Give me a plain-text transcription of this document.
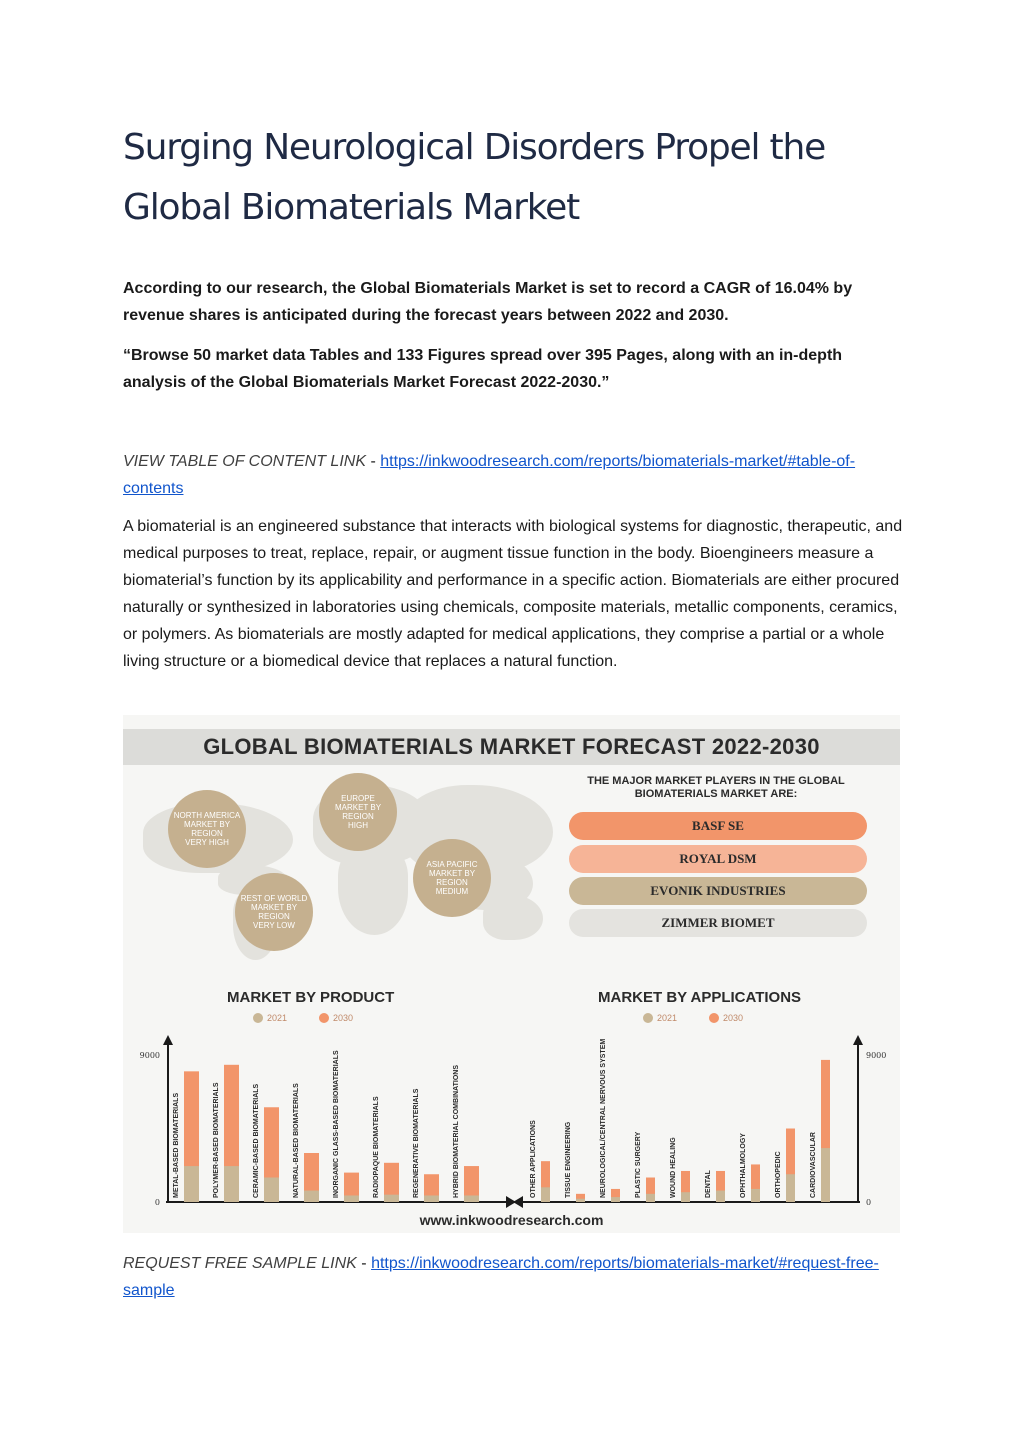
Surging Neurological Disorders Propel the Global Biomaterials Market

According to our research, the Global Biomaterials Market is set to record a CAGR of 16.04% by revenue shares is anticipated during the forecast years between 2022 and 2030.

“Browse 50 market data Tables and 133 Figures spread over 395 Pages, along with an in-depth analysis of the Global Biomaterials Market Forecast 2022-2030.”

VIEW TABLE OF CONTENT LINK - https://inkwoodresearch.com/reports/biomaterials-market/#table-of-contents

A biomaterial is an engineered substance that interacts with biological systems for diagnostic, therapeutic, and medical purposes to treat, replace, repair, or augment tissue function in the body. Bioengineers measure a biomaterial’s function by its applicability and performance in a specific action. Biomaterials are either procured naturally or synthesized in laboratories using chemicals, composite materials, metallic components, ceramics, or polymers. As biomaterials are mostly adapted for medical applications, they comprise a partial or a whole living structure or a biomedical device that replaces a natural function.

GLOBAL BIOMATERIALS MARKET FORECAST 2022-2030
NORTH AMERICA
MARKET BY REGION
VERY HIGH
EUROPE
MARKET BY REGION
HIGH
ASIA PACIFIC
MARKET BY REGION
MEDIUM
REST OF WORLD
MARKET BY REGION
VERY LOW
THE MAJOR MARKET PLAYERS IN THE GLOBAL BIOMATERIALS MARKET ARE:
BASF SE
ROYAL DSM
EVONIK INDUSTRIES
ZIMMER BIOMET
MARKET BY PRODUCT
2021	2030
MARKET BY APPLICATIONS
2021	2030
0
9000
METAL-BASED BIOMATERIALS	POLYMER-BASED BIOMATERIALS	CERAMIC-BASED BIOMATERIALS	NATURAL-BASED BIOMATERIALS	INORGANIC GLASS-BASED BIOMATERIALS	RADIOPAQUE BIOMATERIALS	REGENERATIVE BIOMATERIALS	HYBRID BIOMATERIAL COMBINATIONS
0
9000
OTHER APPLICATIONS	TISSUE ENGINEERING	NEUROLOGICAL/CENTRAL NERVOUS SYSTEM	PLASTIC SURGERY	WOUND HEALING	DENTAL	OPHTHALMOLOGY	ORTHOPEDIC	CARDIOVASCULAR
www.inkwoodresearch.com

REQUEST FREE SAMPLE LINK - https://inkwoodresearch.com/reports/biomaterials-market/#request-free-sample
